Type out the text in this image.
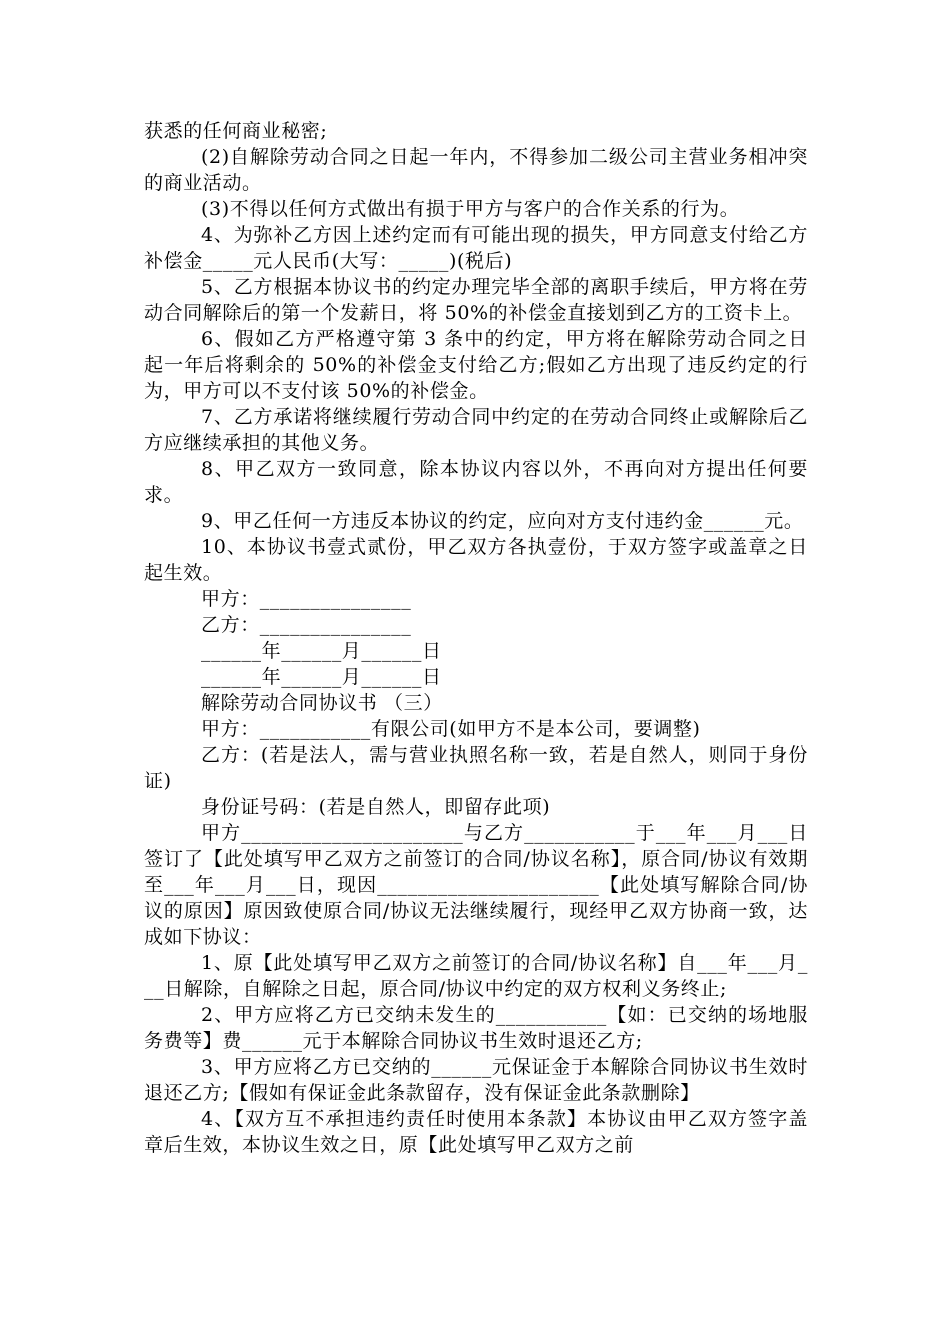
获悉的任何商业秘密;

(2)自解除劳动合同之日起一年内，不得参加二级公司主营业务相冲突的商业活动。

(3)不得以任何方式做出有损于甲方与客户的合作关系的行为。

4、为弥补乙方因上述约定而有可能出现的损失，甲方同意支付给乙方补偿金_____元人民币(大写：_____)(税后)

5、乙方根据本协议书的约定办理完毕全部的离职手续后，甲方将在劳动合同解除后的第一个发薪日，将 50%的补偿金直接划到乙方的工资卡上。

6、假如乙方严格遵守第 3 条中的约定，甲方将在解除劳动合同之日起一年后将剩余的 50%的补偿金支付给乙方;假如乙方出现了违反约定的行为，甲方可以不支付该 50%的补偿金。

7、乙方承诺将继续履行劳动合同中约定的在劳动合同终止或解除后乙方应继续承担的其他义务。

8、甲乙双方一致同意，除本协议内容以外，不再向对方提出任何要求。

9、甲乙任何一方违反本协议的约定，应向对方支付违约金______元。

10、本协议书壹式贰份，甲乙双方各执壹份，于双方签字或盖章之日起生效。

甲方：_______________

乙方：_______________

______年______月______日

______年______月______日

解除劳动合同协议书 （三）

甲方：___________有限公司(如甲方不是本公司，要调整)

乙方：(若是法人，需与营业执照名称一致，若是自然人，则同于身份证)

身份证号码：(若是自然人，即留存此项)

甲方______________________与乙方___________于___年___月___日签订了【此处填写甲乙双方之前签订的合同/协议名称】，原合同/协议有效期至___年___月___日，现因______________________【此处填写解除合同/协议的原因】原因致使原合同/协议无法继续履行，现经甲乙双方协商一致，达成如下协议：

1、原【此处填写甲乙双方之前签订的合同/协议名称】自___年___月___日解除，自解除之日起，原合同/协议中约定的双方权利义务终止;

2、甲方应将乙方已交纳未发生的___________【如：已交纳的场地服务费等】费______元于本解除合同协议书生效时退还乙方;

3、甲方应将乙方已交纳的______元保证金于本解除合同协议书生效时退还乙方;【假如有保证金此条款留存，没有保证金此条款删除】

4、【双方互不承担违约责任时使用本条款】本协议由甲乙双方签字盖章后生效，本协议生效之日，原【此处填写甲乙双方之前
